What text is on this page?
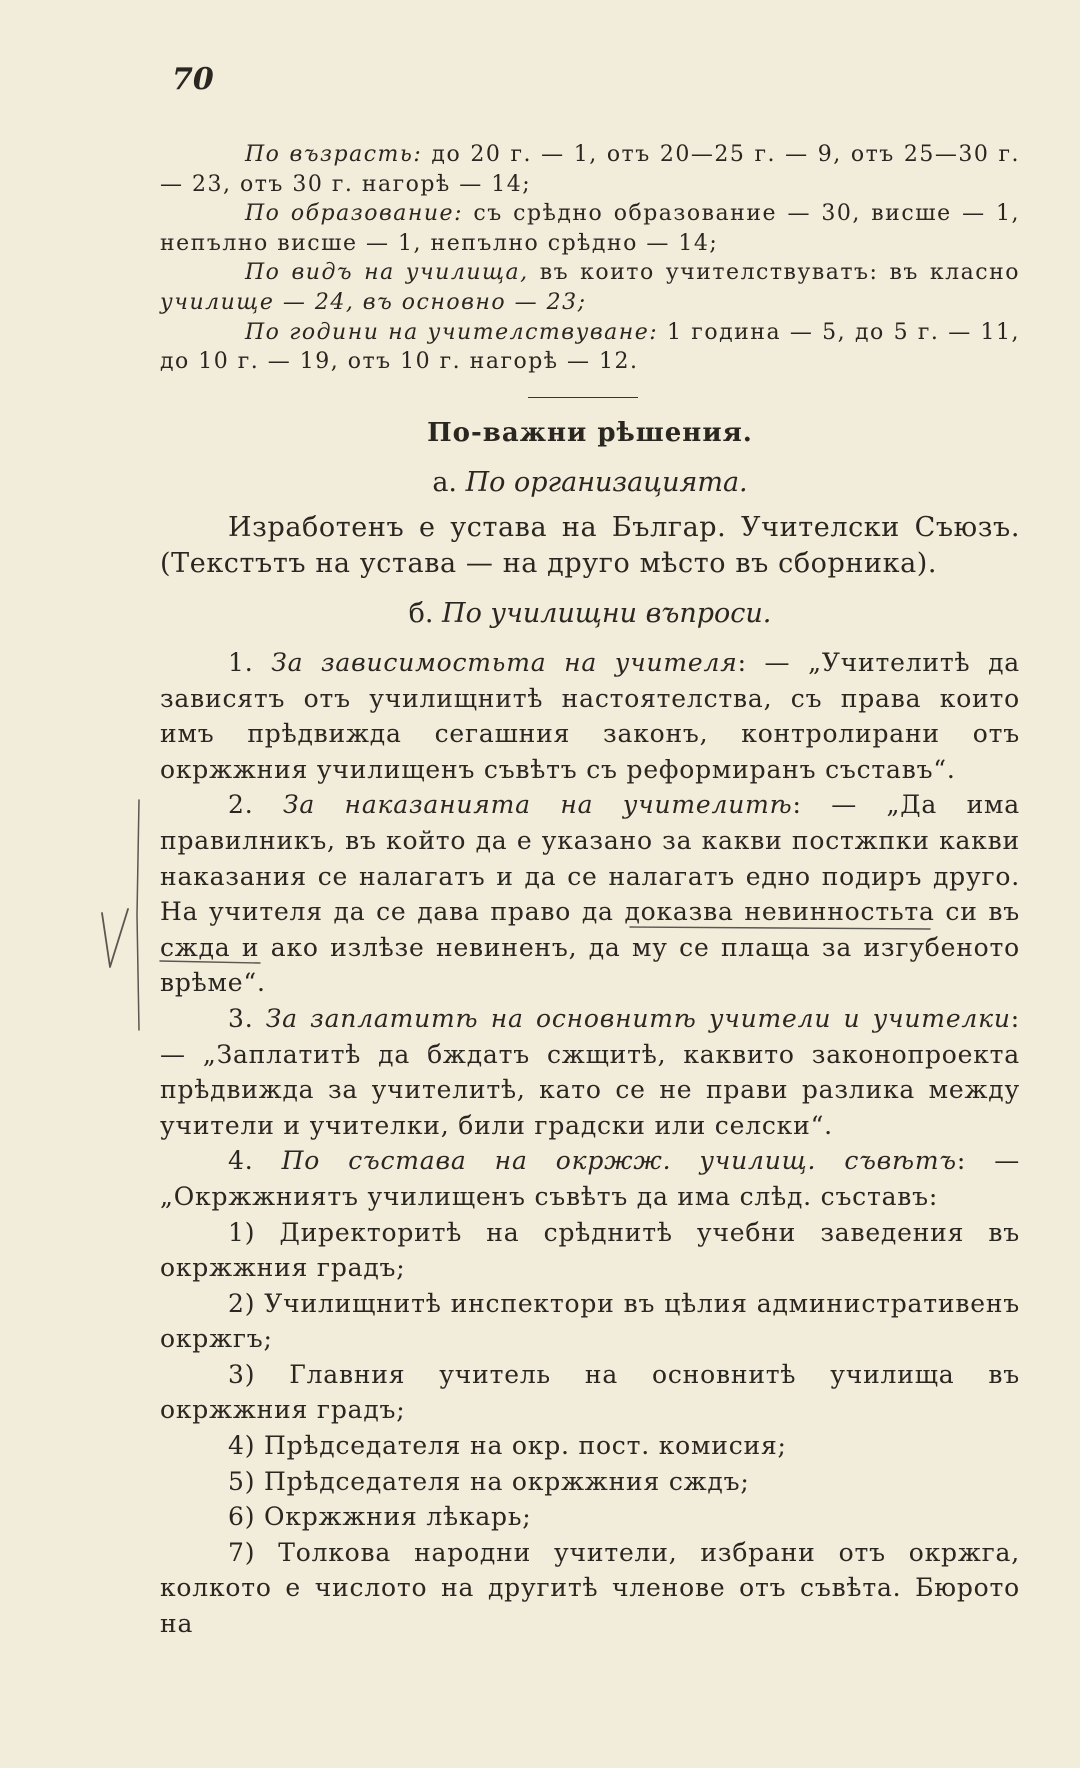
70

По възрасть: до 20 г. — 1, отъ 20—25 г. — 9, отъ 25—30 г. — 23, отъ 30 г. нагорѣ — 14;

По образование: съ срѣдно образование — 30, висше — 1, непълно висше — 1, непълно срѣдно — 14;

По видъ на училища, въ които учителствуватъ: въ класно училище — 24, въ основно — 23;

По години на учителствуване: 1 година — 5, до 5 г. — 11, до 10 г. — 19, отъ 10 г. нагорѣ — 12.

По-важни рѣшения.
а. По организацията.

Изработенъ е устава на Българ. Учителски Съюзъ. (Текстътъ на устава — на друго мѣсто въ сборника).

б. По училищни въпроси.

1. За зависимостьта на учителя: — „Учителитѣ да зависятъ отъ училищнитѣ настоятелства, съ права които имъ прѣдвижда сегашния законъ, контролирани отъ окржжния училищенъ съвѣтъ съ реформиранъ съставъ“.

2. За наказанията на учителитѣ: — „Да има правилникъ, въ който да е указано за какви постжпки какви наказания се налагатъ и да се налагатъ едно подиръ друго. На учителя да се дава право да доказва невинностьта си въ сждa и ако излѣзе невиненъ, да му се плаща за изгубеното врѣме“.

3. За заплатитѣ на основнитѣ учители и учителки: — „Заплатитѣ да бждатъ сжщитѣ, каквито законопроекта прѣдвижда за учителитѣ, като се не прави разлика между учители и учителки, били градски или селски“.

4. По състава на окржж. училищ. съвѣтъ: — „Окржжниятъ училищенъ съвѣтъ да има слѣд. съставъ:

1) Директоритѣ на срѣднитѣ учебни заведения въ окржжния градъ;

2) Училищнитѣ инспектори въ цѣлия административенъ окржгъ;

3) Главния учитель на основнитѣ училища въ окржжния градъ;

4) Прѣдседателя на окр. пост. комисия;

5) Прѣдседателя на окржжния сждъ;

6) Окржжния лѣкарь;

7) Толкова народни учители, избрани отъ окржга, колкото е числото на другитѣ членове отъ съвѣта. Бюрото на
